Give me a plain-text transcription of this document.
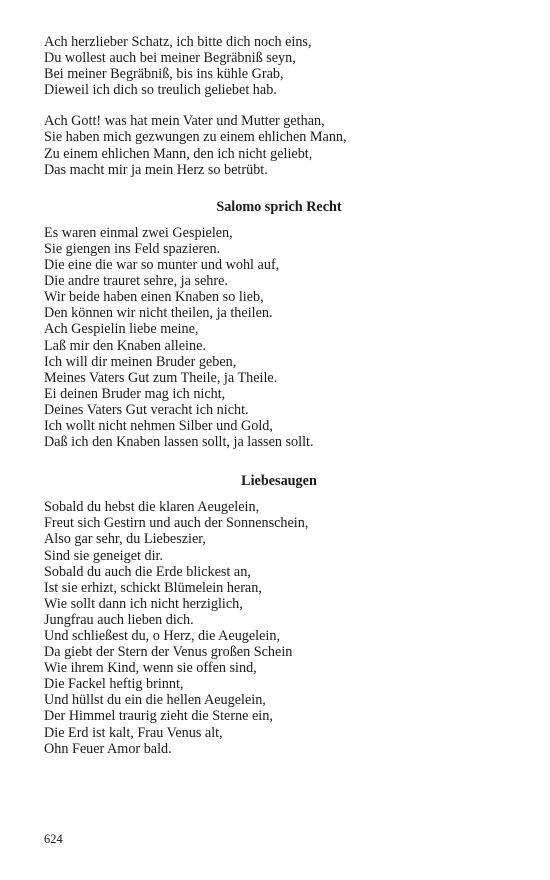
Ach herzlieber Schatz, ich bitte dich noch eins,
Du wollest auch bei meiner Begräbniß seyn,
Bei meiner Begräbniß, bis ins kühle Grab,
Dieweil ich dich so treulich geliebet hab.
Ach Gott! was hat mein Vater und Mutter gethan,
Sie haben mich gezwungen zu einem ehlichen Mann,
Zu einem ehlichen Mann, den ich nicht geliebt,
Das macht mir ja mein Herz so betrübt.
Salomo sprich Recht
Es waren einmal zwei Gespielen,
Sie giengen ins Feld spazieren.
Die eine die war so munter und wohl auf,
Die andre trauret sehre, ja sehre.
Wir beide haben einen Knaben so lieb,
Den können wir nicht theilen, ja theilen.
Ach Gespielin liebe meine,
Laß mir den Knaben alleine.
Ich will dir meinen Bruder geben,
Meines Vaters Gut zum Theile, ja Theile.
Ei deinen Bruder mag ich nicht,
Deines Vaters Gut veracht ich nicht.
Ich wollt nicht nehmen Silber und Gold,
Daß ich den Knaben lassen sollt, ja lassen sollt.
Liebesaugen
Sobald du hebst die klaren Aeugelein,
Freut sich Gestirn und auch der Sonnenschein,
Also gar sehr, du Liebeszier,
Sind sie geneiget dir.
Sobald du auch die Erde blickest an,
Ist sie erhizt, schickt Blümelein heran,
Wie sollt dann ich nicht herziglich,
Jungfrau auch lieben dich.
Und schließest du, o Herz, die Aeugelein,
Da giebt der Stern der Venus großen Schein
Wie ihrem Kind, wenn sie offen sind,
Die Fackel heftig brinnt,
Und hüllst du ein die hellen Aeugelein,
Der Himmel traurig zieht die Sterne ein,
Die Erd ist kalt, Frau Venus alt,
Ohn Feuer Amor bald.
624
